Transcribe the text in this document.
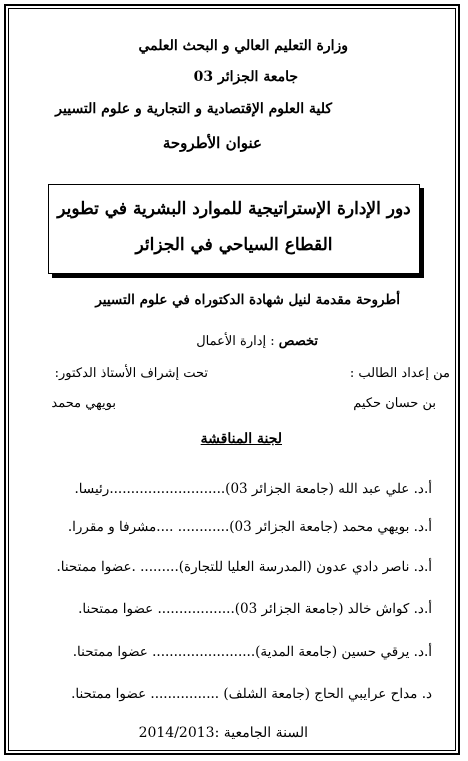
وزارة التعليم العالي و البحث العلمي
جامعة الجزائر 03
كلية العلوم الإقتصادية و التجارية و علوم التسيير
عنوان الأطروحة
دور الإدارة الإستراتيجية للموارد البشرية في تطوير
القطاع السياحي في الجزائر
أطروحة مقدمة لنيل شهادة الدكتوراه في علوم التسيير
تخصص : إدارة الأعمال
من إعداد الطالب :
تحت إشراف الأستاذ الدكتور:
بن حسان حكيم
بويهي محمد
لجنة المناقشة
أ.د. علي عبد الله (جامعة الجزائر 03)...........................رئيسا.
أ.د. بويهي محمد (جامعة الجزائر 03)............ ....مشرفا و مقررا.
أ.د. ناصر دادي عدون (المدرسة العليا للتجارة)......... .عضوا ممتحنا.
أ.د. كواش خالد (جامعة الجزائر 03).................. عضوا ممتحنا.
أ.د. يرقي حسين (جامعة المدية)........................ عضوا ممتحنا.
د. مداح عرايبي الحاج (جامعة الشلف) ................ عضوا ممتحنا.
السنة الجامعية :2014/2013
